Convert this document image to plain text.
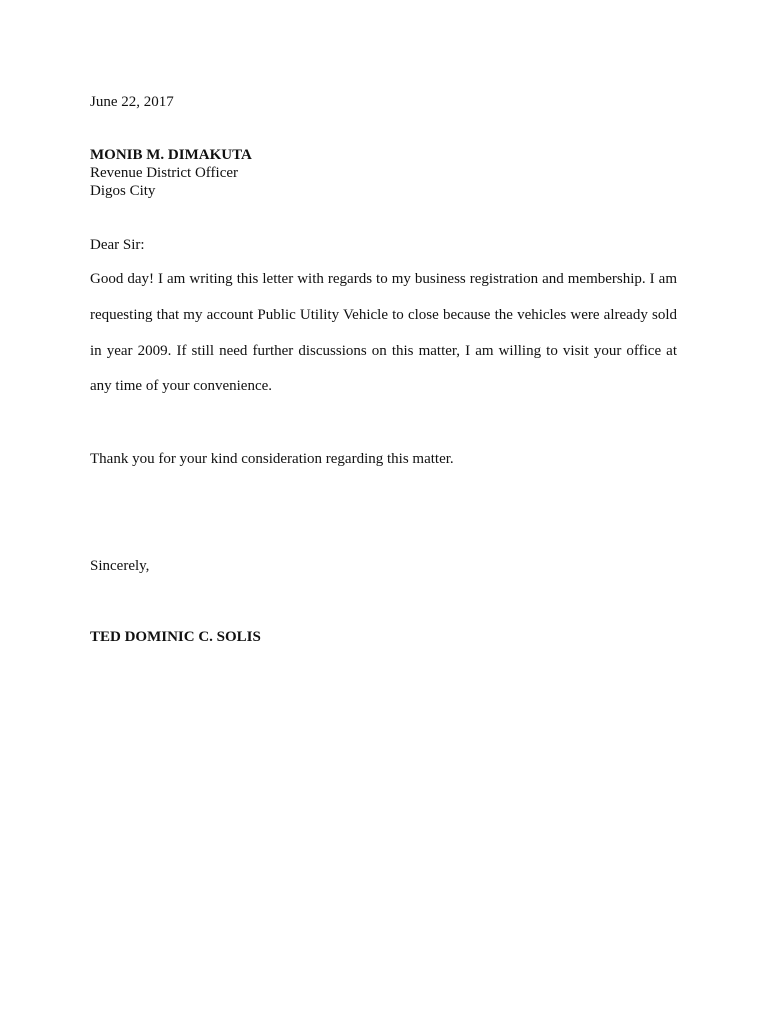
June 22, 2017
MONIB M. DIMAKUTA
Revenue District Officer
Digos City
Dear Sir:
Good day! I am writing this letter with regards to my business registration and membership. I am requesting that my account Public Utility Vehicle to close because the vehicles were already sold in year 2009. If still need further discussions on this matter, I am willing to visit your office at any time of your convenience.
Thank you for your kind consideration regarding this matter.
Sincerely,
TED DOMINIC C. SOLIS
